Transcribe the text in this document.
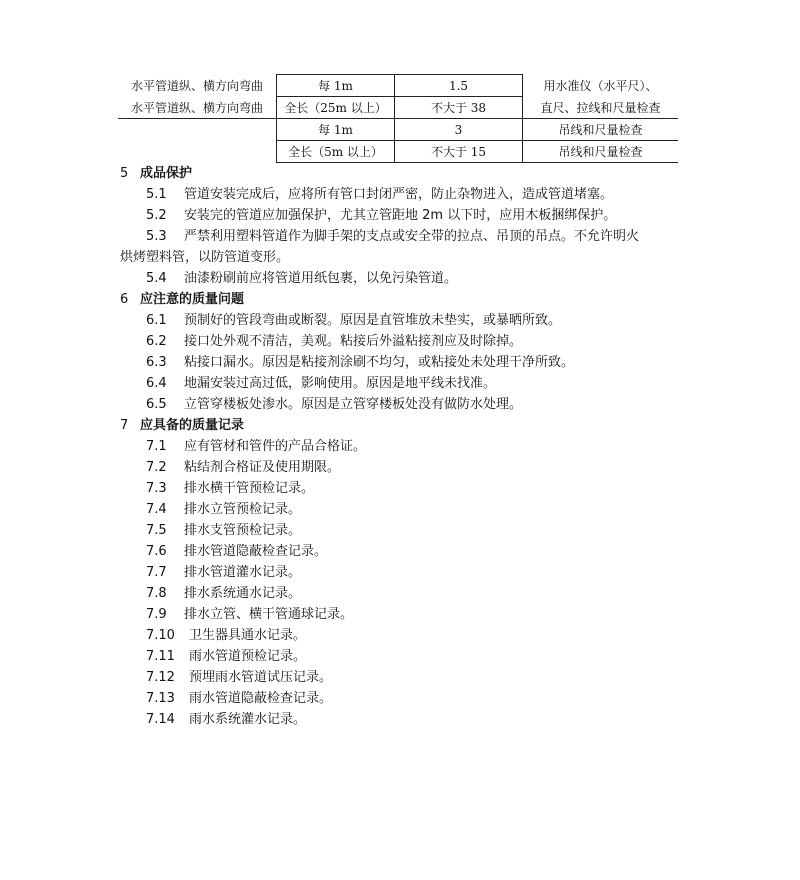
水平管道纵、横方向弯曲	每 1m	1.5	用水准仪（水平尺）、
水平管道纵、横方向弯曲	全长（25m 以上）	不大于 38	直尺、拉线和尺量检查
	每 1m	3	吊线和尺量检查
	全长（5m 以上）	不大于 15	吊线和尺量检查
5 成品保护
5.1 管道安装完成后，应将所有管口封闭严密，防止杂物进入，造成管道堵塞。
5.2 安装完的管道应加强保护，尤其立管距地 2m 以下时，应用木板捆绑保护。
5.3 严禁利用塑料管道作为脚手架的支点或安全带的拉点、吊顶的吊点。不允许明火
烘烤塑料管，以防管道变形。
5.4 油漆粉刷前应将管道用纸包裹，以免污染管道。
6 应注意的质量问题
6.1 预制好的管段弯曲或断裂。原因是直管堆放未垫实，或暴晒所致。
6.2 接口处外观不清洁，美观。粘接后外溢粘接剂应及时除掉。
6.3 粘接口漏水。原因是粘接剂涂刷不均匀，或粘接处未处理干净所致。
6.4 地漏安装过高过低，影响使用。原因是地平线未找准。
6.5 立管穿楼板处渗水。原因是立管穿楼板处没有做防水处理。
7 应具备的质量记录
7.1 应有管材和管件的产品合格证。
7.2 粘结剂合格证及使用期限。
7.3 排水横干管预检记录。
7.4 排水立管预检记录。
7.5 排水支管预检记录。
7.6 排水管道隐蔽检查记录。
7.7 排水管道灌水记录。
7.8 排水系统通水记录。
7.9 排水立管、横干管通球记录。
7.10 卫生器具通水记录。
7.11 雨水管道预检记录。
7.12 预埋雨水管道试压记录。
7.13 雨水管道隐蔽检查记录。
7.14 雨水系统灌水记录。
